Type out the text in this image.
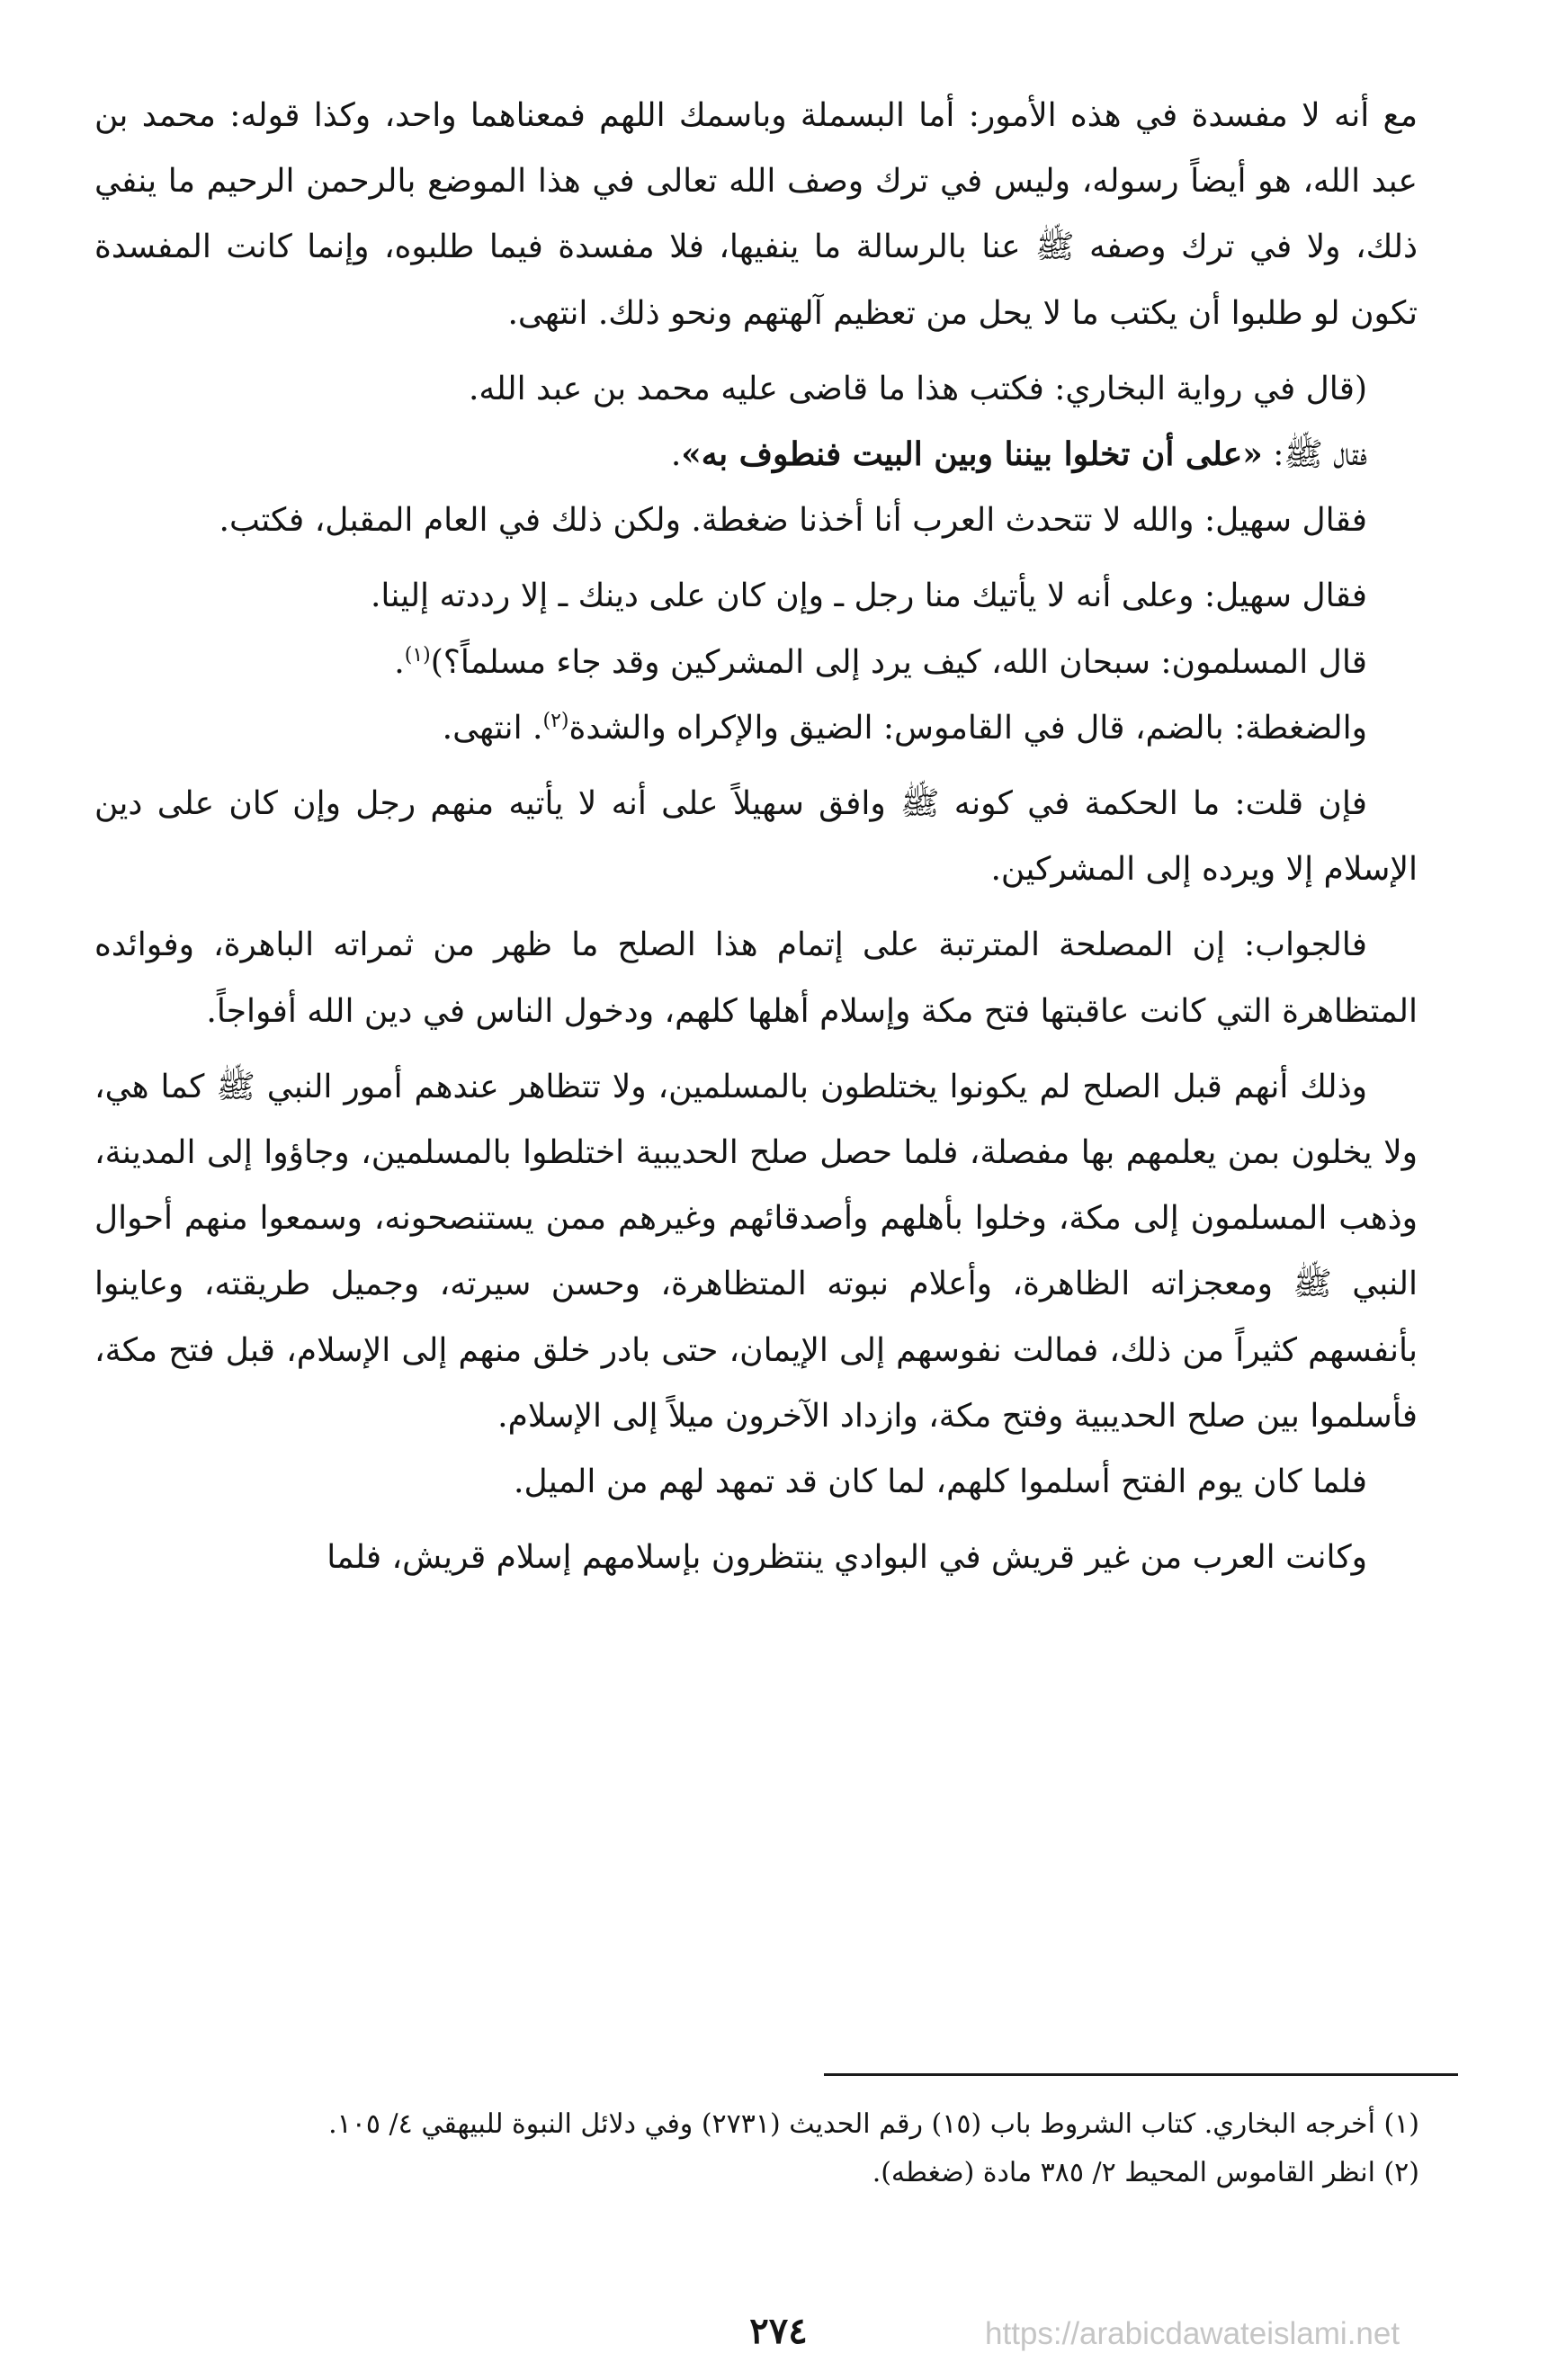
مع أنه لا مفسدة في هذه الأمور: أما البسملة وباسمك اللهم فمعناهما واحد، وكذا قوله: محمد بن عبد الله، هو أيضاً رسوله، وليس في ترك وصف الله تعالى في هذا الموضع بالرحمن الرحيم ما ينفي ذلك، ولا في ترك وصفه ﷺ عنا بالرسالة ما ينفيها، فلا مفسدة فيما طلبوه، وإنما كانت المفسدة تكون لو طلبوا أن يكتب ما لا يحل من تعظيم آلهتهم ونحو ذلك. انتهى.

(قال في رواية البخاري: فكتب هذا ما قاضى عليه محمد بن عبد الله.

فقال ﷺ: «على أن تخلوا بيننا وبين البيت فنطوف به».

فقال سهيل: والله لا تتحدث العرب أنا أخذنا ضغطة. ولكن ذلك في العام المقبل، فكتب.

فقال سهيل: وعلى أنه لا يأتيك منا رجل ـ وإن كان على دينك ـ إلا رددته إلينا.

قال المسلمون: سبحان الله، كيف يرد إلى المشركين وقد جاء مسلماً؟)$^{(١)}$.

والضغطة: بالضم، قال في القاموس: الضيق والإكراه والشدة$^{(٢)}$. انتهى.

فإن قلت: ما الحكمة في كونه ﷺ وافق سهيلاً على أنه لا يأتيه منهم رجل وإن كان على دين الإسلام إلا ويرده إلى المشركين.

فالجواب: إن المصلحة المترتبة على إتمام هذا الصلح ما ظهر من ثمراته الباهرة، وفوائده المتظاهرة التي كانت عاقبتها فتح مكة وإسلام أهلها كلهم، ودخول الناس في دين الله أفواجاً.

وذلك أنهم قبل الصلح لم يكونوا يختلطون بالمسلمين، ولا تتظاهر عندهم أمور النبي ﷺ كما هي، ولا يخلون بمن يعلمهم بها مفصلة، فلما حصل صلح الحديبية اختلطوا بالمسلمين، وجاؤوا إلى المدينة، وذهب المسلمون إلى مكة، وخلوا بأهلهم وأصدقائهم وغيرهم ممن يستنصحونه، وسمعوا منهم أحوال النبي ﷺ ومعجزاته الظاهرة، وأعلام نبوته المتظاهرة، وحسن سيرته، وجميل طريقته، وعاينوا بأنفسهم كثيراً من ذلك، فمالت نفوسهم إلى الإيمان، حتى بادر خلق منهم إلى الإسلام، قبل فتح مكة، فأسلموا بين صلح الحديبية وفتح مكة، وازداد الآخرون ميلاً إلى الإسلام.

فلما كان يوم الفتح أسلموا كلهم، لما كان قد تمهد لهم من الميل.

وكانت العرب من غير قريش في البوادي ينتظرون بإسلامهم إسلام قريش، فلما

(١) أخرجه البخاري. كتاب الشروط باب (١٥) رقم الحديث (٢٧٣١) وفي دلائل النبوة للبيهقي ٤/ ١٠٥.

(٢) انظر القاموس المحيط ٢/ ٣٨٥ مادة (ضغطه).

٢٧٤	https://arabicdawateislami.net
